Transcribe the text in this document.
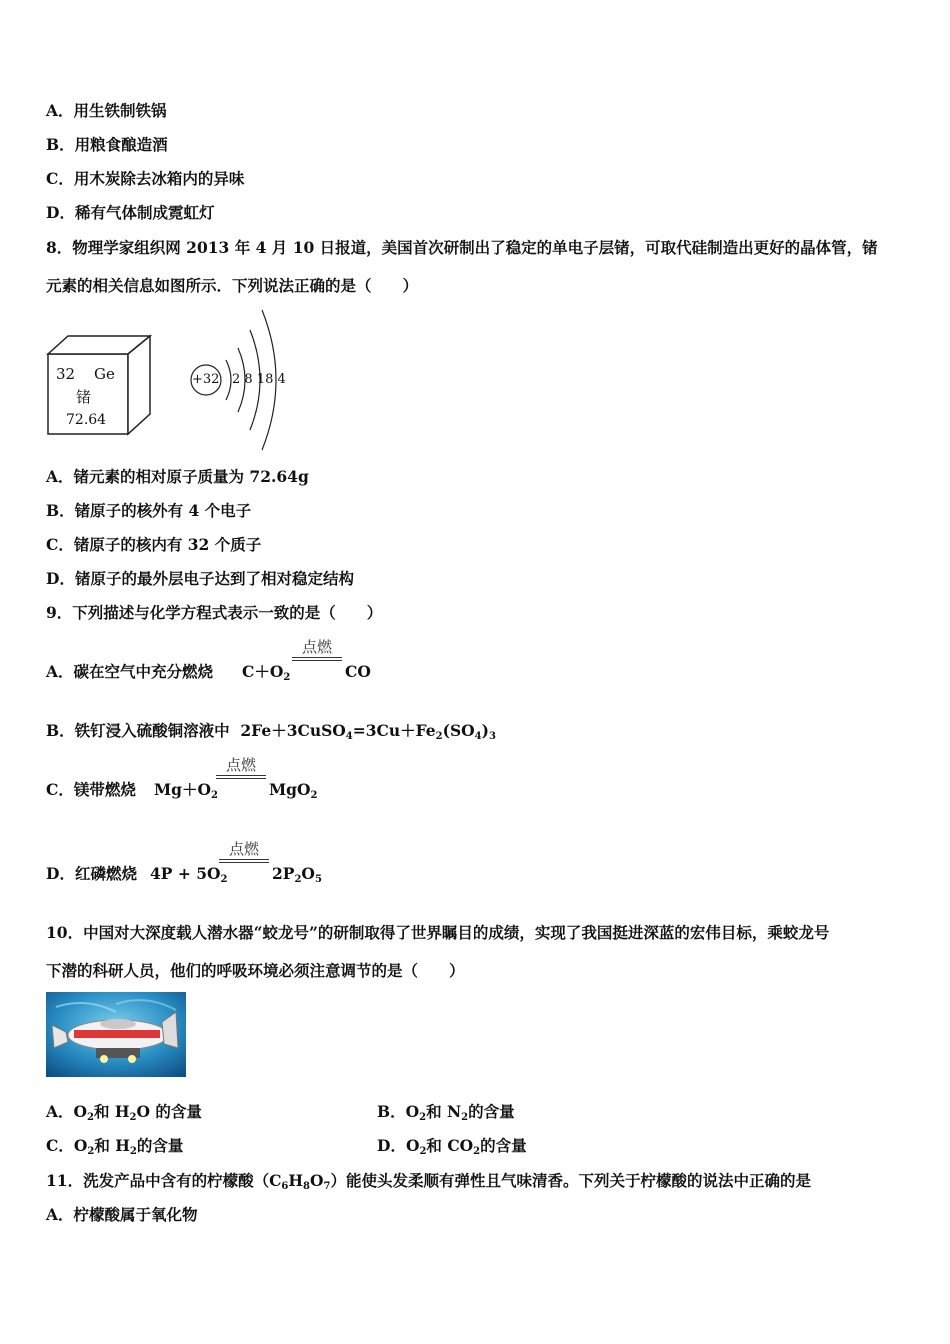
A．用生铁制铁锅
B．用粮食酿造酒
C．用木炭除去冰箱内的异味
D．稀有气体制成霓虹灯
8．物理学家组织网 2013 年 4 月 10 日报道，美国首次研制出了稳定的单电子层锗，可取代硅制造出更好的晶体管，锗
元素的相关信息如图所示．下列说法正确的是（　　）
32 Ge
锗
72.64
+32 2 8 18 4
A．锗元素的相对原子质量为 72.64g
B．锗原子的核外有 4 个电子
C．锗原子的核内有 32 个质子
D．锗原子的最外层电子达到了相对稳定结构
9．下列描述与化学方程式表示一致的是（　　）
A．碳在空气中充分燃烧 $C+O_2$
点燃
CO
B．铁钉浸入硫酸铜溶液中  $2Fe+3CuSO_4=3Cu+Fe_2(SO_4)_3$
C．镁带燃烧 $Mg+O_2$
点燃
MgO$_2$
D．红磷燃烧 $4P + 5O_2$
点燃
$2P_2O_5$
10．中国对大深度载人潜水器“蛟龙号”的研制取得了世界瞩目的成绩，实现了我国挺进深蓝的宏伟目标，乘蛟龙号
下潜的科研人员，他们的呼吸环境必须注意调节的是（　　）
A．$O_2$和 $H_2O$ 的含量	B．$O_2$和 $N_2$的含量
C．$O_2$和 $H_2$的含量	D．$O_2$和 $CO_2$的含量
11．洗发产品中含有的柠檬酸$(C_6H_8O_7)$能使头发柔顺有弹性且气味清香。下列关于柠檬酸的说法中正确的是
A．柠檬酸属于氧化物
